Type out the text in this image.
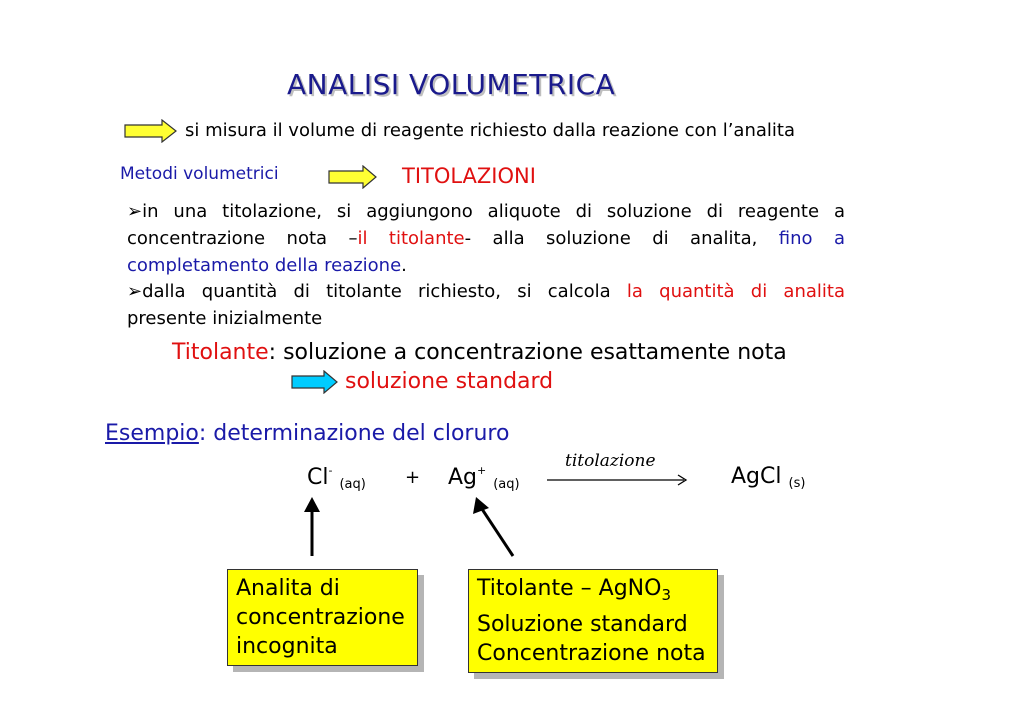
ANALISI VOLUMETRICA
si misura il volume di reagente richiesto dalla reazione con l’analita
Metodi volumetrici	TITOLAZIONI
➢in una titolazione, si aggiungono aliquote di soluzione di reagente a
concentrazione nota –il titolante- alla soluzione di analita, fino a
completamento della reazione.
➢dalla quantità di titolante richiesto, si calcola la quantità di analita
presente inizialmente
Titolante: soluzione a concentrazione esattamente nota
soluzione standard
Esempio: determinazione del cloruro
Cl- $_{(aq)}$ + Ag+ $_{(aq)}$
titolazione
AgCl $_{(s)}$
Analita di
concentrazione
incognita
Titolante – AgNO$_3$
Soluzione standard
Concentrazione nota
